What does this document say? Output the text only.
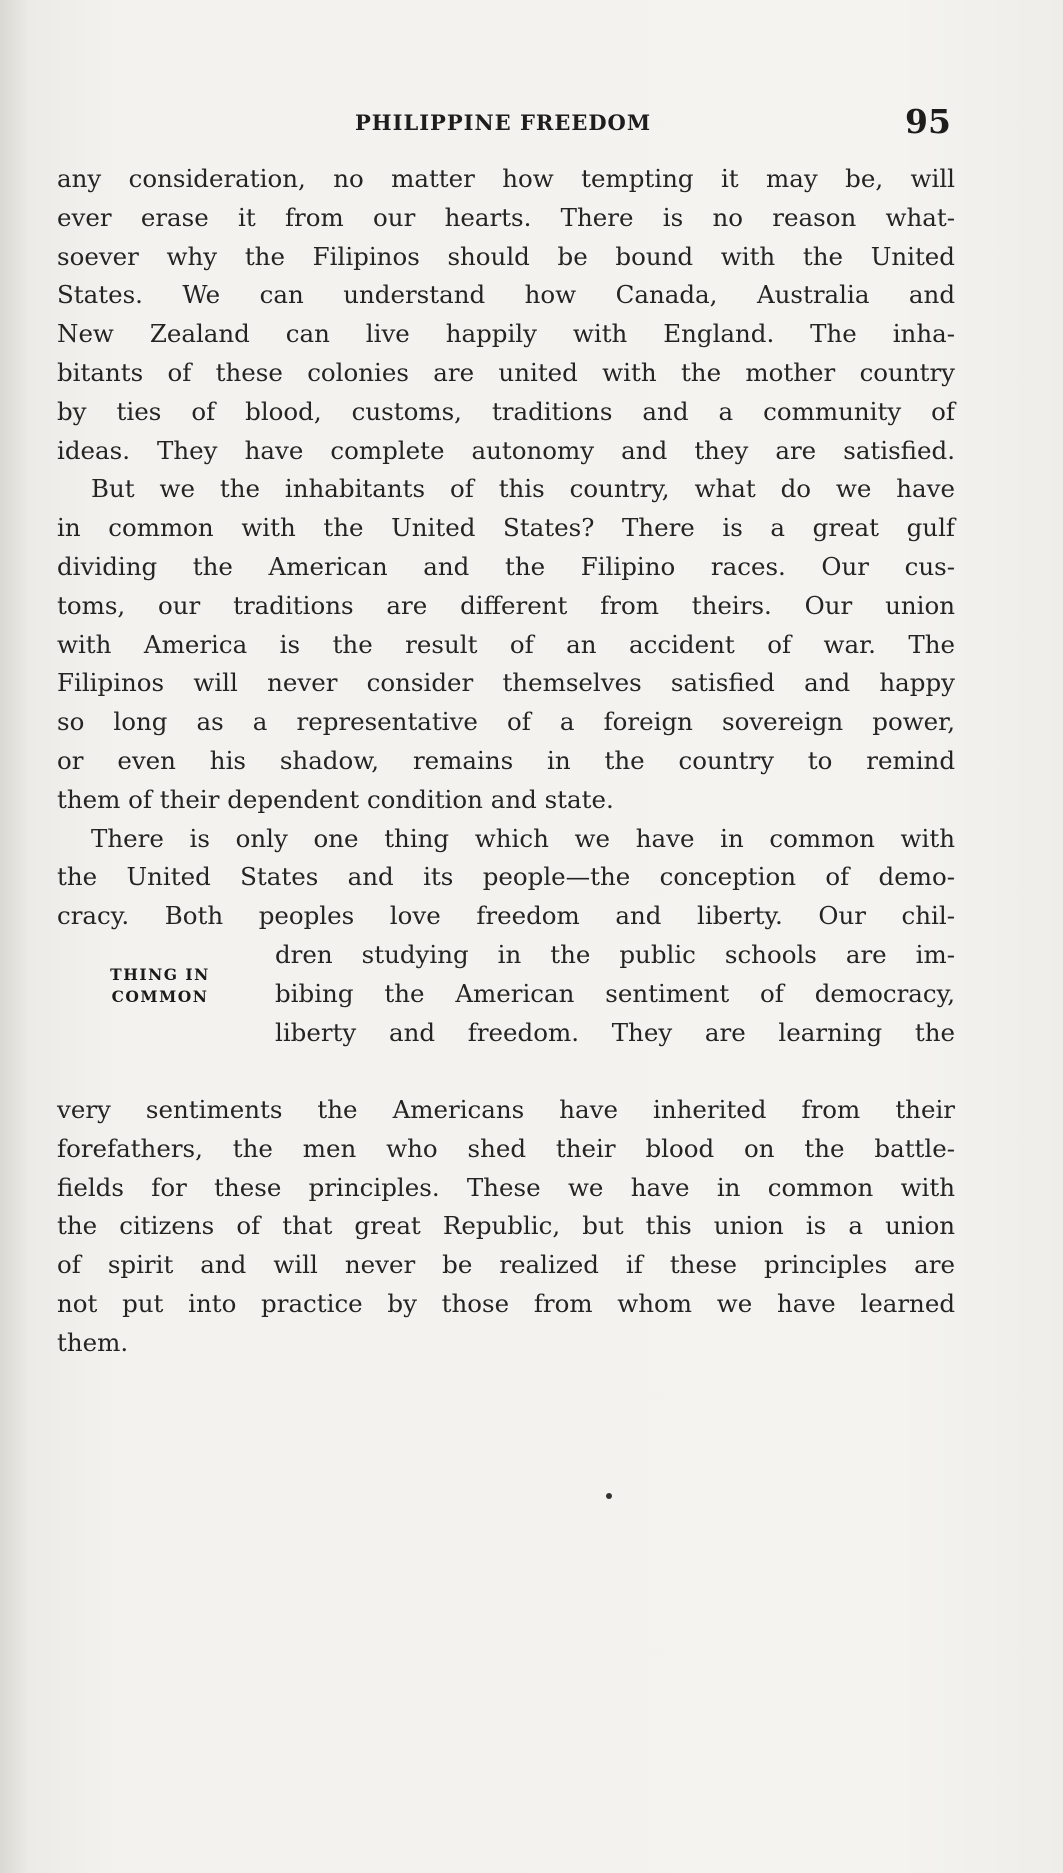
PHILIPPINE FREEDOM	95
any consideration, no matter how tempting it may be, will
ever erase it from our hearts. There is no reason what-
soever why the Filipinos should be bound with the United
States. We can understand how Canada, Australia and
New Zealand can live happily with England. The inha-
bitants of these colonies are united with the mother country
by ties of blood, customs, traditions and a community of
ideas. They have complete autonomy and they are satisfied.
But we the inhabitants of this country, what do we have
in common with the United States? There is a great gulf
dividing the American and the Filipino races. Our cus-
toms, our traditions are different from theirs. Our union
with America is the result of an accident of war. The
Filipinos will never consider themselves satisfied and happy
so long as a representative of a foreign sovereign power,
or even his shadow, remains in the country to remind
them of their dependent condition and state.
There is only one thing which we have in common with
the United States and its people—the conception of demo-
cracy. Both peoples love freedom and liberty. Our chil-
THING IN
COMMON
dren studying in the public schools are im-
bibing the American sentiment of democracy,
liberty and freedom. They are learning the
very sentiments the Americans have inherited from their
forefathers, the men who shed their blood on the battle-
fields for these principles. These we have in common with
the citizens of that great Republic, but this union is a union
of spirit and will never be realized if these principles are
not put into practice by those from whom we have learned
them.
